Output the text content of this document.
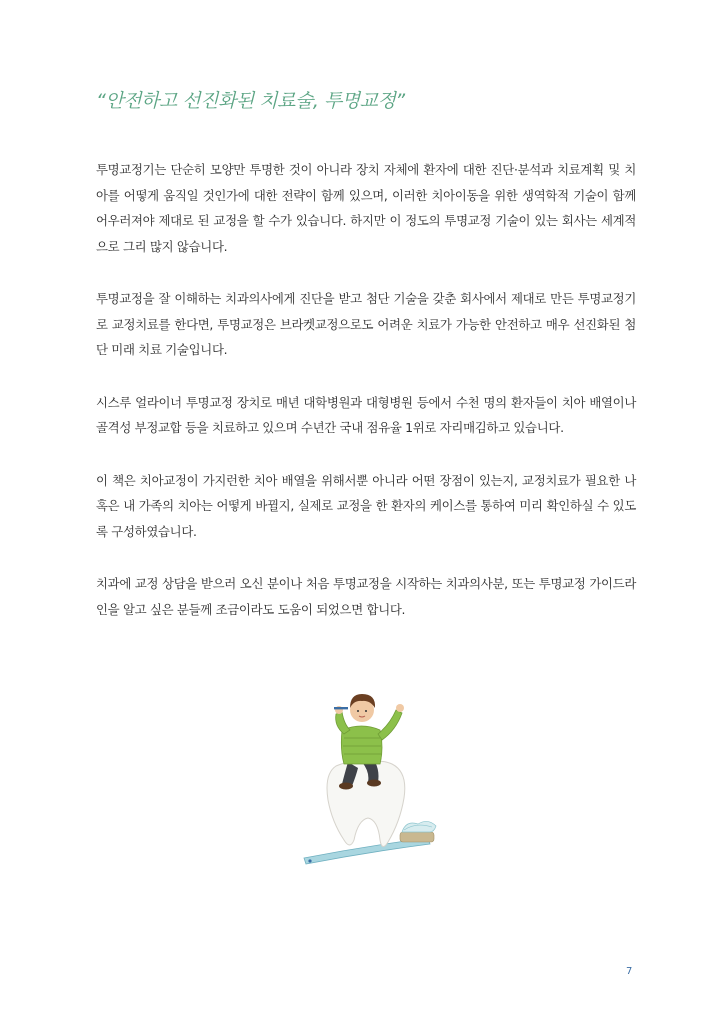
“안전하고 선진화된 치료술, 투명교정”

투명교정기는 단순히 모양만 투명한 것이 아니라 장치 자체에 환자에 대한 진단·분석과 치료계획 및 치
아를 어떻게 움직일 것인가에 대한 전략이 함께 있으며, 이러한 치아이동을 위한 생역학적 기술이 함께
어우러져야 제대로 된 교정을 할 수가 있습니다. 하지만 이 정도의 투명교정 기술이 있는 회사는 세계적
으로 그리 많지 않습니다.

투명교정을 잘 이해하는 치과의사에게 진단을 받고 첨단 기술을 갖춘 회사에서 제대로 만든 투명교정기
로 교정치료를 한다면, 투명교정은 브라켓교정으로도 어려운 치료가 가능한 안전하고 매우 선진화된 첨
단 미래 치료 기술입니다.

시스루 얼라이너 투명교정 장치로 매년 대학병원과 대형병원 등에서 수천 명의 환자들이 치아 배열이나
골격성 부정교합 등을 치료하고 있으며 수년간 국내 점유율 1위로 자리매김하고 있습니다.

이 책은 치아교정이 가지런한 치아 배열을 위해서뿐 아니라 어떤 장점이 있는지, 교정치료가 필요한 나
혹은 내 가족의 치아는 어떻게 바뀔지, 실제로 교정을 한 환자의 케이스를 통하여 미리 확인하실 수 있도
록 구성하였습니다.

치과에 교정 상담을 받으러 오신 분이나 처음 투명교정을 시작하는 치과의사분, 또는 투명교정 가이드라
인을 알고 싶은 분들께 조금이라도 도움이 되었으면 합니다.

7
